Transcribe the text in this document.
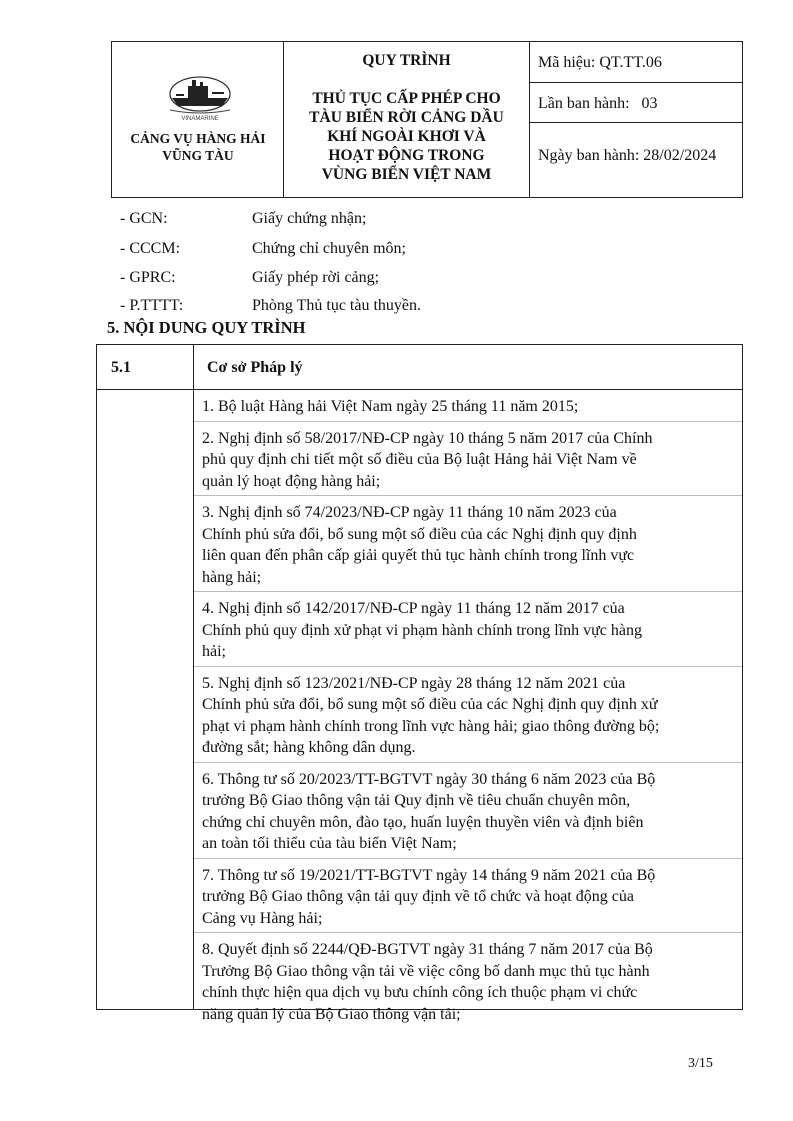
VINAMARINE
CẢNG VỤ HÀNG HẢI
VŨNG TÀU
QUY TRÌNH
THỦ TỤC CẤP PHÉP CHO
TÀU BIỂN RỜI CẢNG DẦU
KHÍ NGOÀI KHƠI VÀ
HOẠT ĐỘNG TRONG
VÙNG BIỂN VIỆT NAM
Mã hiệu: QT.TT.06
Lần ban hành:   03
Ngày ban hành: 28/02/2024
- GCN:	Giấy chứng nhận;
- CCCM:	Chứng chỉ chuyên môn;
- GPRC:	Giấy phép rời cảng;
- P.TTTT:	Phòng Thủ tục tàu thuyền.
5. NỘI DUNG QUY TRÌNH
5.1	Cơ sở Pháp lý
1. Bộ luật Hàng hải Việt Nam ngày 25 tháng 11 năm 2015;
2. Nghị định số 58/2017/NĐ-CP ngày 10 tháng 5 năm 2017 của Chính
phủ quy định chi tiết một số điều của Bộ luật Hảng hải Việt Nam về
quản lý hoạt động hàng hải;
3. Nghị định số 74/2023/NĐ-CP ngày 11 tháng 10 năm 2023 của
Chính phủ sửa đổi, bổ sung một số điều của các Nghị định quy định
liên quan đến phân cấp giải quyết thủ tục hành chính trong lĩnh vực
hàng hải;
4. Nghị định số 142/2017/NĐ-CP ngày 11 tháng 12 năm 2017 của
Chính phủ quy định xử phạt vi phạm hành chính trong lĩnh vực hàng
hải;
5. Nghị định số 123/2021/NĐ-CP ngày 28 tháng 12 năm 2021 của
Chính phủ sửa đổi, bổ sung một số điều của các Nghị định quy định xử
phạt vi phạm hành chính trong lĩnh vực hàng hải; giao thông đường bộ;
đường sắt; hàng không dân dụng.
6. Thông tư số 20/2023/TT-BGTVT ngày 30 tháng 6 năm 2023 của Bộ
trưởng Bộ Giao thông vận tải Quy định về tiêu chuẩn chuyên môn,
chứng chỉ chuyên môn, đào tạo, huấn luyện thuyền viên và định biên
an toàn tối thiểu của tàu biển Việt Nam;
7. Thông tư số 19/2021/TT-BGTVT ngày 14 tháng 9 năm 2021 của Bộ
trưởng Bộ Giao thông vận tải quy định về tổ chức và hoạt động của
Cảng vụ Hàng hải;
8. Quyết định số 2244/QĐ-BGTVT ngày 31 tháng 7 năm 2017 của Bộ
Trưởng Bộ Giao thông vận tải về việc công bố danh mục thủ tục hành
chính thực hiện qua dịch vụ bưu chính công ích thuộc phạm vi chức
năng quản lý của Bộ Giao thông vận tải;
3/15
